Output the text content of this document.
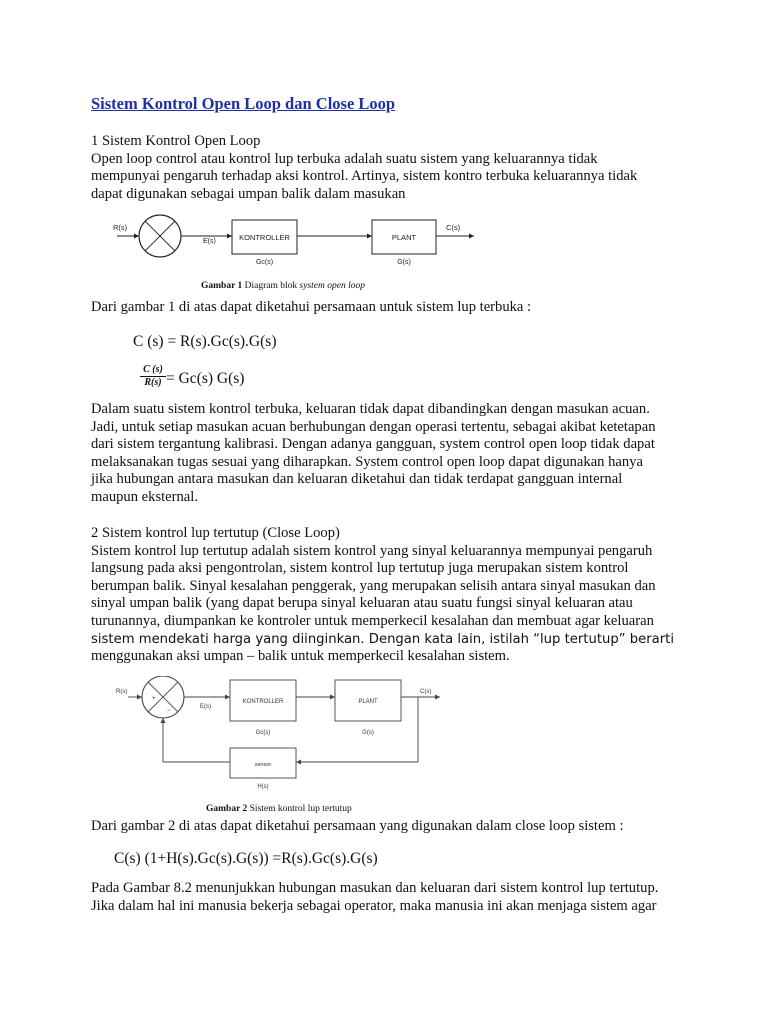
Sistem Kontrol Open Loop dan Close Loop
1 Sistem Kontrol Open Loop
Open loop control atau kontrol lup terbuka adalah suatu sistem yang keluarannya tidak
mempunyai pengaruh terhadap aksi kontrol. Artinya, sistem kontro terbuka keluarannya tidak
dapat digunakan sebagai umpan balik dalam masukan
R(s)
E(s)	KONTROLLER
Gc(s)
PLANT
G(s)
C(s)
Gambar 1 Diagram blok system open loop
Dari gambar 1 di atas dapat diketahui persamaan untuk sistem lup terbuka :
C (s) = R(s).Gc(s).G(s)
$\frac{C (s)}{R(s)} = Gc(s)$ G(s)
Dalam suatu sistem kontrol terbuka, keluaran tidak dapat dibandingkan dengan masukan acuan.
Jadi, untuk setiap masukan acuan berhubungan dengan operasi tertentu, sebagai akibat ketetapan
dari sistem tergantung kalibrasi. Dengan adanya gangguan, system control open loop tidak dapat
melaksanakan tugas sesuai yang diharapkan. System control open loop dapat digunakan hanya
jika hubungan antara masukan dan keluaran diketahui dan tidak terdapat gangguan internal
maupun eksternal.
2 Sistem kontrol lup tertutup (Close Loop)
Sistem kontrol lup tertutup adalah sistem kontrol yang sinyal keluarannya mempunyai pengaruh
langsung pada aksi pengontrolan, sistem kontrol lup tertutup juga merupakan sistem kontrol
berumpan balik. Sinyal kesalahan penggerak, yang merupakan selisih antara sinyal masukan dan
sinyal umpan balik (yang dapat berupa sinyal keluaran atau suatu fungsi sinyal keluaran atau
turunannya, diumpankan ke kontroler untuk memperkecil kesalahan dan membuat agar keluaran
sistem mendekati harga yang diinginkan. Dengan kata lain, istilah “lup tertutup” berarti
menggunakan aksi umpan – balik untuk memperkecil kesalahan sistem.
R(s)
+
−
E(s)
KONTROLLER
Gc(s)
PLANT
G(s)
C(s)
sensor
H(s)
Gambar 2 Sistem kontrol lup tertutup
Dari gambar 2 di atas dapat diketahui persamaan yang digunakan dalam close loop sistem :
C(s) (1+H(s).Gc(s).G(s)) =R(s).Gc(s).G(s)
Pada Gambar 8.2 menunjukkan hubungan masukan dan keluaran dari sistem kontrol lup tertutup.
Jika dalam hal ini manusia bekerja sebagai operator, maka manusia ini akan menjaga sistem agar
